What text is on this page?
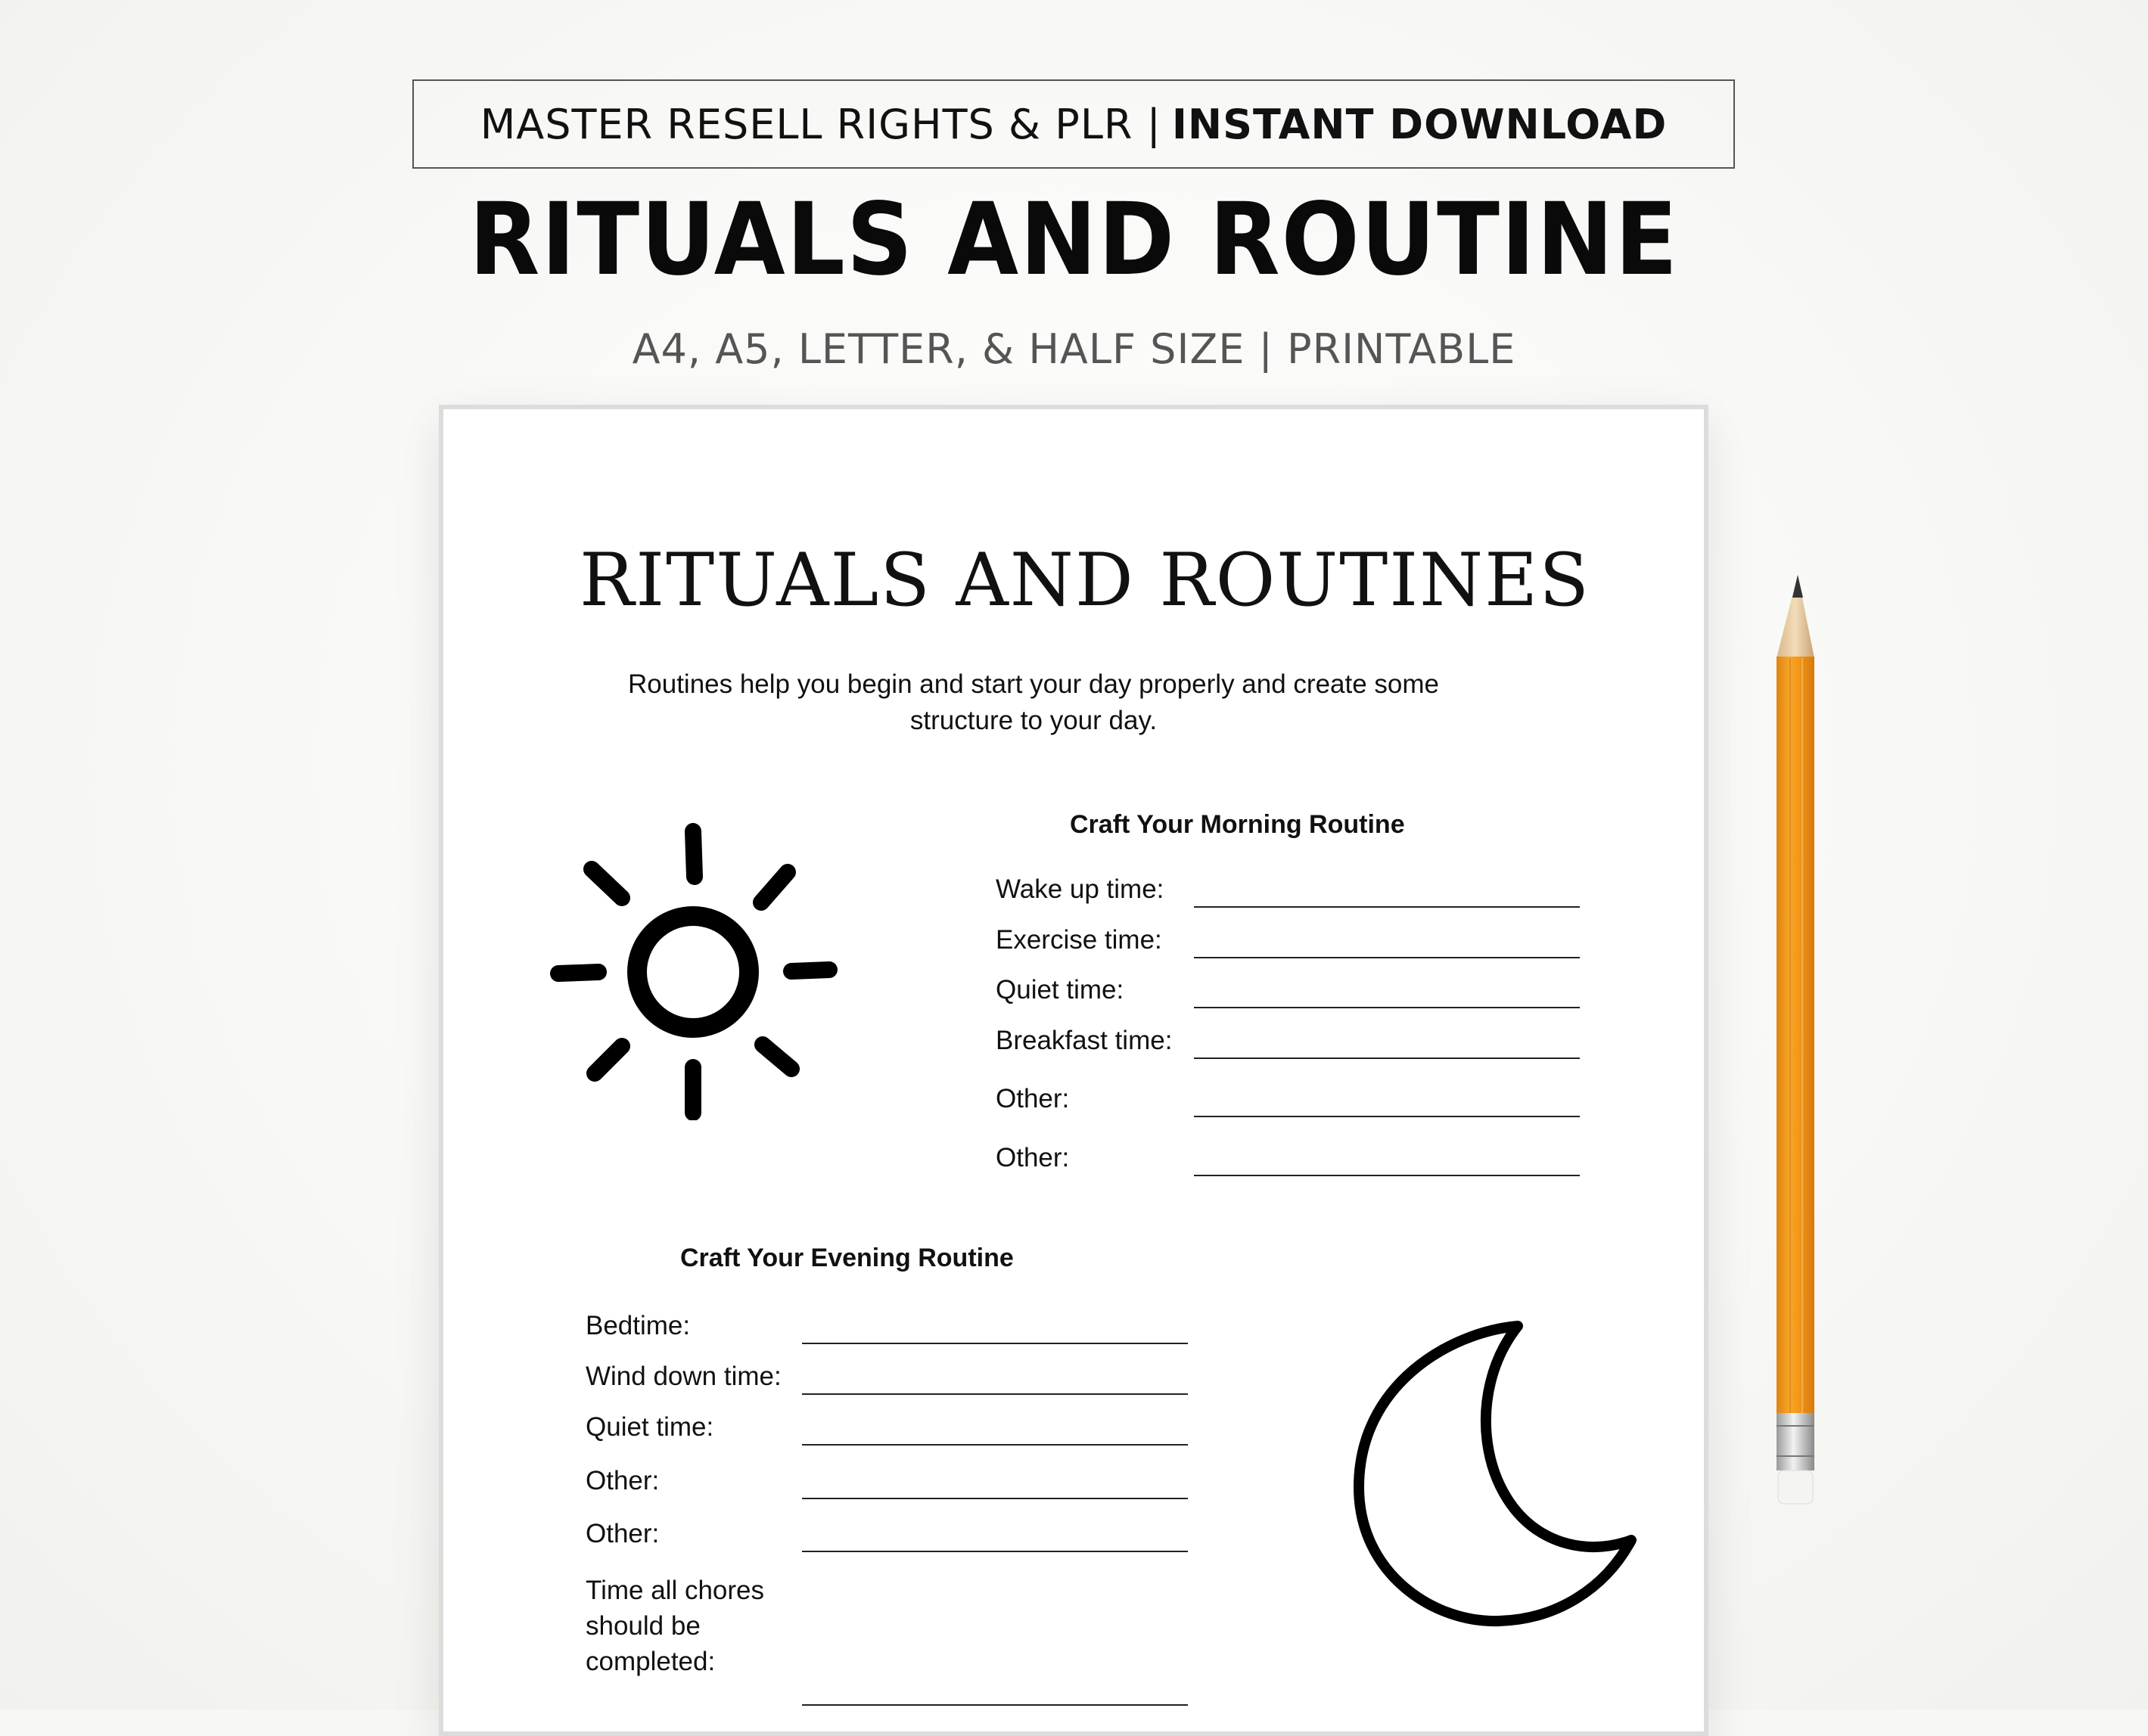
MASTER RESELL RIGHTS & PLR | INSTANT DOWNLOAD
RITUALS AND ROUTINE
A4, A5, LETTER, & HALF SIZE | PRINTABLE
RITUALS AND ROUTINES
Routines help you begin and start your day properly and create some structure to your day.
Craft Your Morning Routine
Wake up time:
Exercise time:
Quiet time:
Breakfast time:
Other:
Other:
Craft Your Evening Routine
Bedtime:
Wind down time:
Quiet time:
Other:
Other:
Time all chores should be completed:
